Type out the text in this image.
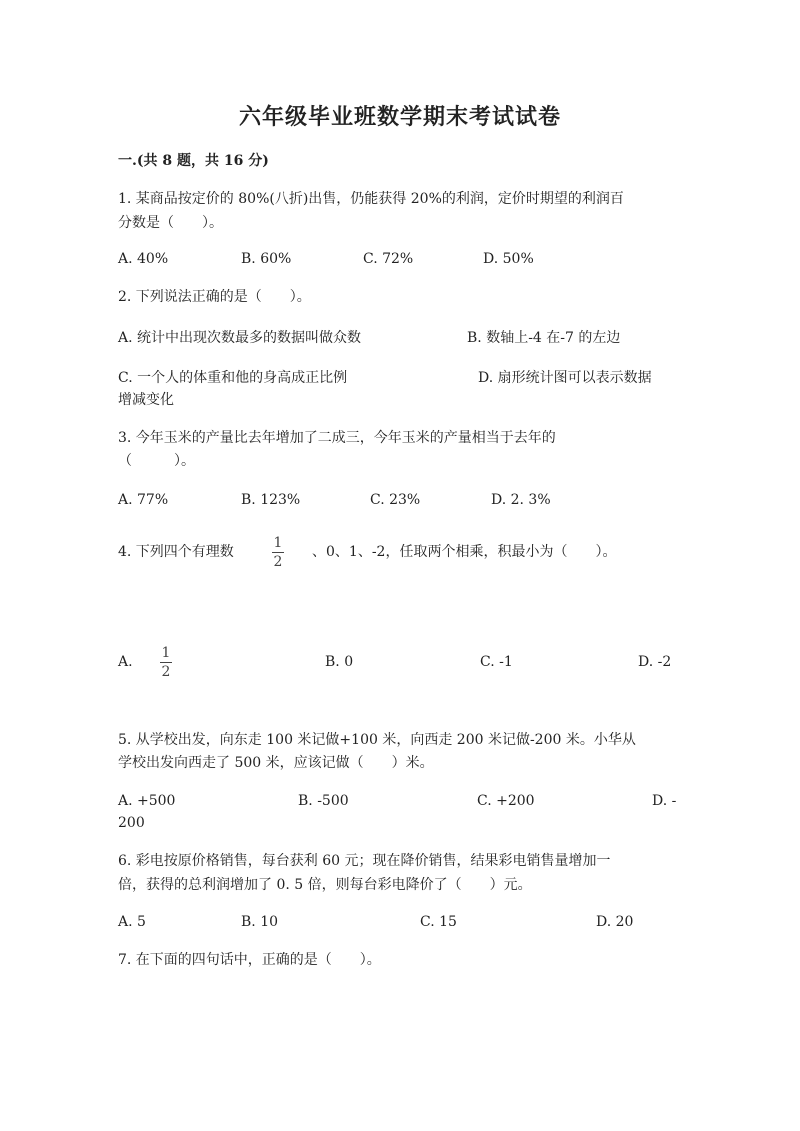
六年级毕业班数学期末考试试卷
一.(共 8 题，共 16 分)
1. 某商品按定价的 80%(八折)出售，仍能获得 20%的利润，定价时期望的利润百
分数是（　　）。
A. 40%	B. 60%	C. 72%	D. 50%
2. 下列说法正确的是（　　）。
A. 统计中出现次数最多的数据叫做众数	B. 数轴上-4 在-7 的左边
C. 一个人的体重和他的身高成正比例	D. 扇形统计图可以表示数据
增减变化
3. 今年玉米的产量比去年增加了二成三，今年玉米的产量相当于去年的
（　　　）。
A. 77%	B. 123%	C. 23%	D. 2. 3%
4. 下列四个有理数
1
2
、0、1、-2，任取两个相乘，积最小为（　　）。
A.
1
2
B. 0	C. -1	D. -2
5. 从学校出发，向东走 100 米记做+100 米，向西走 200 米记做-200 米。小华从
学校出发向西走了 500 米，应该记做（　　）米。
A. +500	B. -500	C. +200	D. -
200
6. 彩电按原价格销售，每台获利 60 元；现在降价销售，结果彩电销售量增加一
倍，获得的总利润增加了 0. 5 倍，则每台彩电降价了（　　）元。
A. 5	B. 10	C. 15	D. 20
7. 在下面的四句话中，正确的是（　　）。
